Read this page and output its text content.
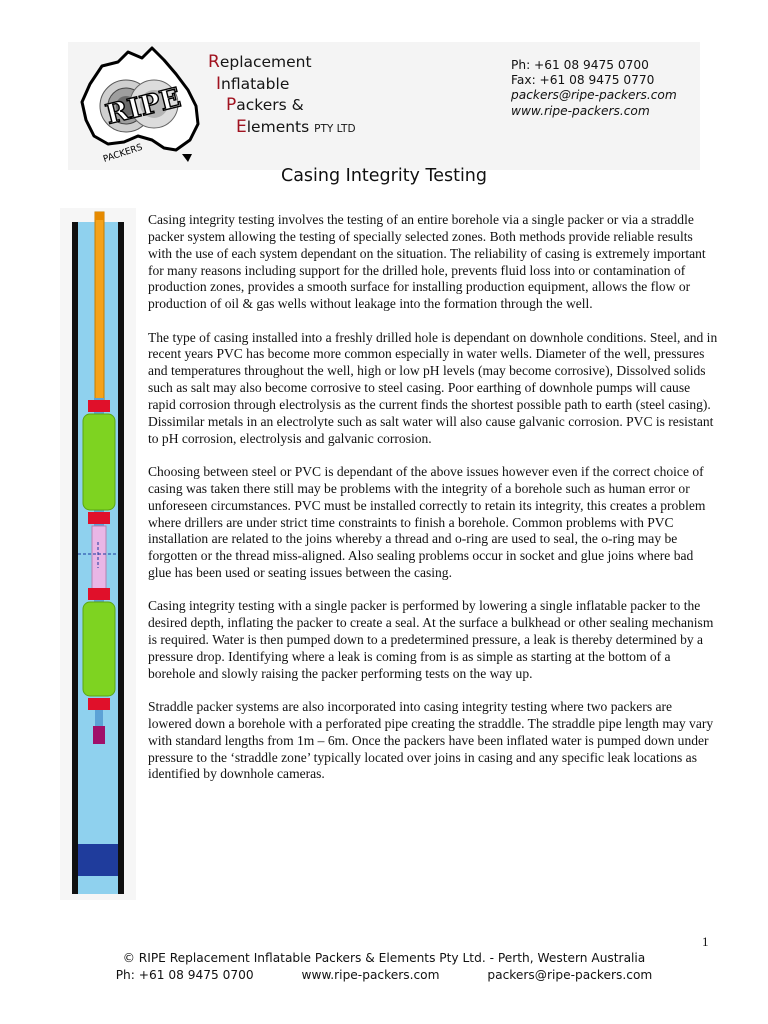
RIPE
PACKERS
Replacement
Inflatable
Packers &
Elements PTY LTD
Ph: +61 08 9475 0700
Fax: +61 08 9475 0770
packers@ripe-packers.com
www.ripe-packers.com
Casing Integrity Testing

Casing integrity testing involves the testing of an entire borehole via a single packer or via a straddle packer system allowing the testing of specially selected zones. Both methods provide reliable results with the use of each system dependant on the situation. The reliability of casing is extremely important for many reasons including support for the drilled hole, prevents fluid loss into or contamination of production zones, provides a smooth surface for installing production equipment, allows the flow or production of oil & gas wells without leakage into the formation through the well.

The type of casing installed into a freshly drilled hole is dependant on downhole conditions. Steel, and in recent years PVC has become more common especially in water wells. Diameter of the well, pressures and temperatures throughout the well, high or low pH levels (may become corrosive), Dissolved solids such as salt may also become corrosive to steel casing. Poor earthing of downhole pumps will cause rapid corrosion through electrolysis as the current finds the shortest possible path to earth (steel casing). Dissimilar metals in an electrolyte such as salt water will also cause galvanic corrosion. PVC is resistant to pH corrosion, electrolysis and galvanic corrosion.

Choosing between steel or PVC is dependant of the above issues however even if the correct choice of casing was taken there still may be problems with the integrity of a borehole such as human error or unforeseen circumstances. PVC must be installed correctly to retain its integrity, this creates a problem where drillers are under strict time constraints to finish a borehole. Common problems with PVC installation are related to the joins whereby a thread and o-ring are used to seal, the o-ring may be forgotten or the thread miss-aligned. Also sealing problems occur in socket and glue joins where bad glue has been used or seating issues between the casing.

Casing integrity testing with a single packer is performed by lowering a single inflatable packer to the desired depth, inflating the packer to create a seal. At the surface a bulkhead or other sealing mechanism is required. Water is then pumped down to a predetermined pressure, a leak is thereby determined by a pressure drop. Identifying where a leak is coming from is as simple as starting at the bottom of a borehole and slowly raising the packer performing tests on the way up.

Straddle packer systems are also incorporated into casing integrity testing where two packers are lowered down a borehole with a perforated pipe creating the straddle. The straddle pipe length may vary with standard lengths from 1m – 6m. Once the packers have been inflated water is pumped down under pressure to the ‘straddle zone’ typically located over joins in casing and any specific leak locations as identified by downhole cameras.

1
© RIPE Replacement Inflatable Packers & Elements Pty Ltd. - Perth, Western Australia
Ph: +61 08 9475 0700	www.ripe-packers.com	packers@ripe-packers.com
